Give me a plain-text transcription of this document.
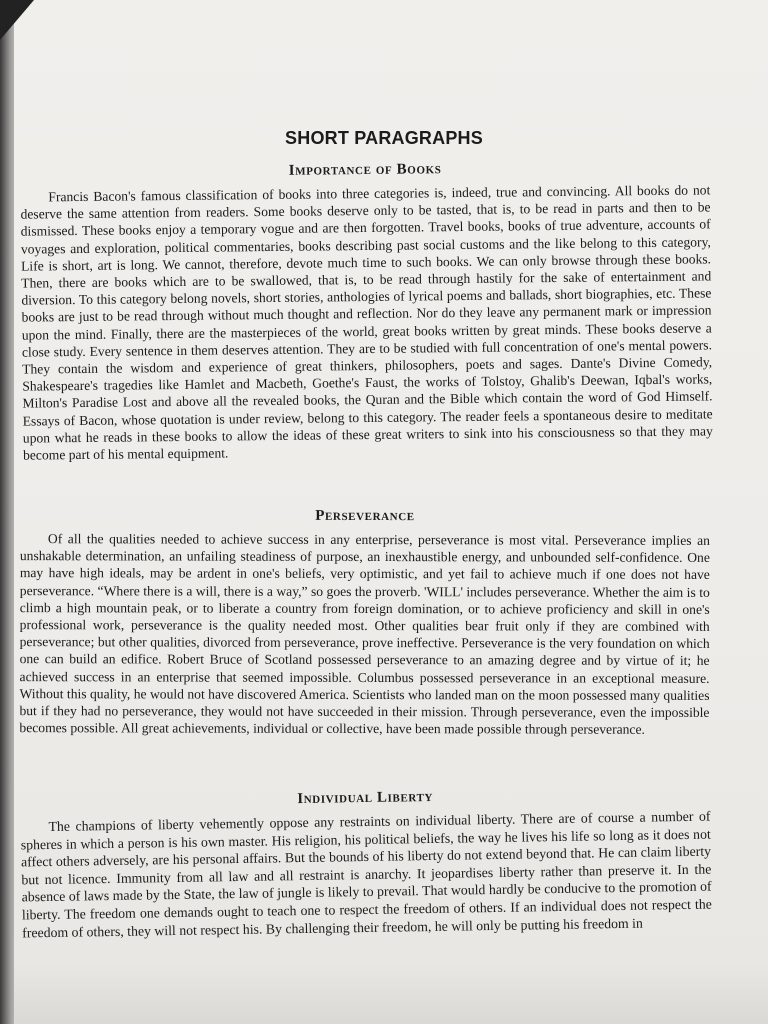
SHORT PARAGRAPHS
Importance of Books

Francis Bacon's famous classification of books into three categories is, indeed, true and convincing. All books do not deserve the same attention from readers. Some books deserve only to be tasted, that is, to be read in parts and then to be dismissed. These books enjoy a temporary vogue and are then forgotten. Travel books, books of true adventure, accounts of voyages and exploration, political commentaries, books describing past social customs and the like belong to this category, Life is short, art is long. We cannot, therefore, devote much time to such books. We can only browse through these books. Then, there are books which are to be swallowed, that is, to be read through hastily for the sake of entertainment and diversion. To this category belong novels, short stories, anthologies of lyrical poems and ballads, short biographies, etc. These books are just to be read through without much thought and reflection. Nor do they leave any permanent mark or impression upon the mind. Finally, there are the masterpieces of the world, great books written by great minds. These books deserve a close study. Every sentence in them deserves attention. They are to be studied with full concentration of one's mental powers. They contain the wisdom and experience of great thinkers, philosophers, poets and sages. Dante's Divine Comedy, Shakespeare's tragedies like Hamlet and Macbeth, Goethe's Faust, the works of Tolstoy, Ghalib's Deewan, Iqbal's works, Milton's Paradise Lost and above all the revealed books, the Quran and the Bible which contain the word of God Himself. Essays of Bacon, whose quotation is under review, belong to this category. The reader feels a spontaneous desire to meditate upon what he reads in these books to allow the ideas of these great writers to sink into his consciousness so that they may become part of his mental equipment.

Perseverance

Of all the qualities needed to achieve success in any enterprise, perseverance is most vital. Perseverance implies an unshakable determination, an unfailing steadiness of purpose, an inexhaustible energy, and unbounded self-confidence. One may have high ideals, may be ardent in one's beliefs, very optimistic, and yet fail to achieve much if one does not have perseverance. “Where there is a will, there is a way,” so goes the proverb. 'WILL' includes perseverance. Whether the aim is to climb a high mountain peak, or to liberate a country from foreign domination, or to achieve proficiency and skill in one's professional work, perseverance is the quality needed most. Other qualities bear fruit only if they are combined with perseverance; but other qualities, divorced from perseverance, prove ineffective. Perseverance is the very foundation on which one can build an edifice. Robert Bruce of Scotland possessed perseverance to an amazing degree and by virtue of it; he achieved success in an enterprise that seemed impossible. Columbus possessed perseverance in an exceptional measure. Without this quality, he would not have discovered America. Scientists who landed man on the moon possessed many qualities but if they had no perseverance, they would not have succeeded in their mission. Through perseverance, even the impossible becomes possible. All great achievements, individual or collective, have been made possible through perseverance.

Individual Liberty

The champions of liberty vehemently oppose any restraints on individual liberty. There are of course a number of spheres in which a person is his own master. His religion, his political beliefs, the way he lives his life so long as it does not affect others adversely, are his personal affairs. But the bounds of his liberty do not extend beyond that. He can claim liberty but not licence. Immunity from all law and all restraint is anarchy. It jeopardises liberty rather than preserve it. In the absence of laws made by the State, the law of jungle is likely to prevail. That would hardly be conducive to the promotion of liberty. The freedom one demands ought to teach one to respect the freedom of others. If an individual does not respect the freedom of others, they will not respect his. By challenging their freedom, he will only be putting his freedom in
